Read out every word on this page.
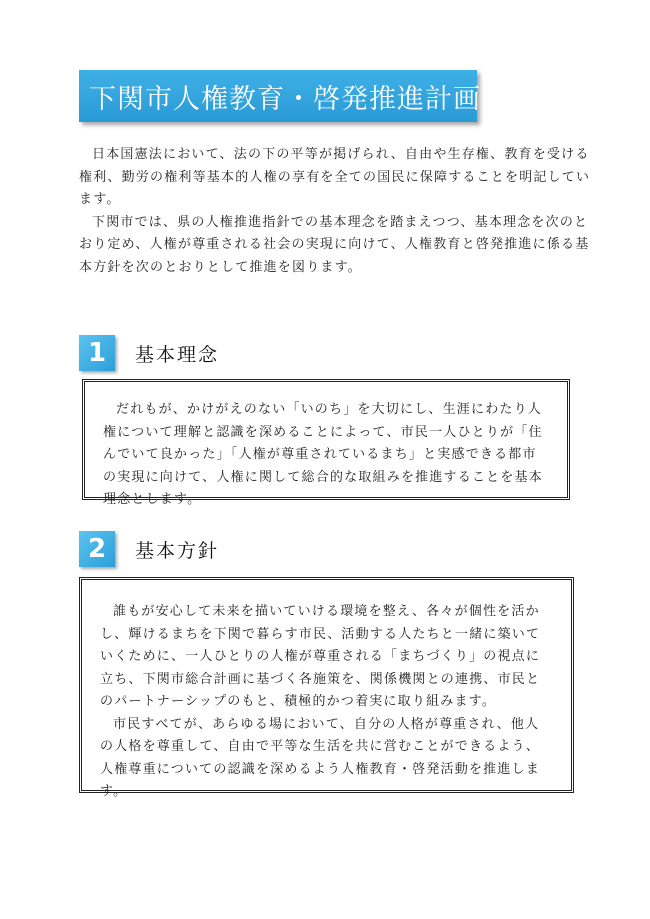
下関市人権教育・啓発推進計画

日本国憲法において、法の下の平等が掲げられ、自由や生存権、教育を受ける権利、勤労の権利等基本的人権の享有を全ての国民に保障することを明記しています。

下関市では、県の人権推進指針での基本理念を踏まえつつ、基本理念を次のとおり定め、人権が尊重される社会の実現に向けて、人権教育と啓発推進に係る基本方針を次のとおりとして推進を図ります。

1	基本理念

だれもが、かけがえのない「いのち」を大切にし、生涯にわたり人権について理解と認識を深めることによって、市民一人ひとりが「住んでいて良かった」「人権が尊重されているまち」と実感できる都市の実現に向けて、人権に関して総合的な取組みを推進することを基本理念とします。

2	基本方針

誰もが安心して未来を描いていける環境を整え、各々が個性を活かし、輝けるまちを下関で暮らす市民、活動する人たちと一緒に築いていくために、一人ひとりの人権が尊重される「まちづくり」の視点に立ち、下関市総合計画に基づく各施策を、関係機関との連携、市民とのパートナーシップのもと、積極的かつ着実に取り組みます。

市民すべてが、あらゆる場において、自分の人格が尊重され、他人の人格を尊重して、自由で平等な生活を共に営むことができるよう、人権尊重についての認識を深めるよう人権教育・啓発活動を推進します。
